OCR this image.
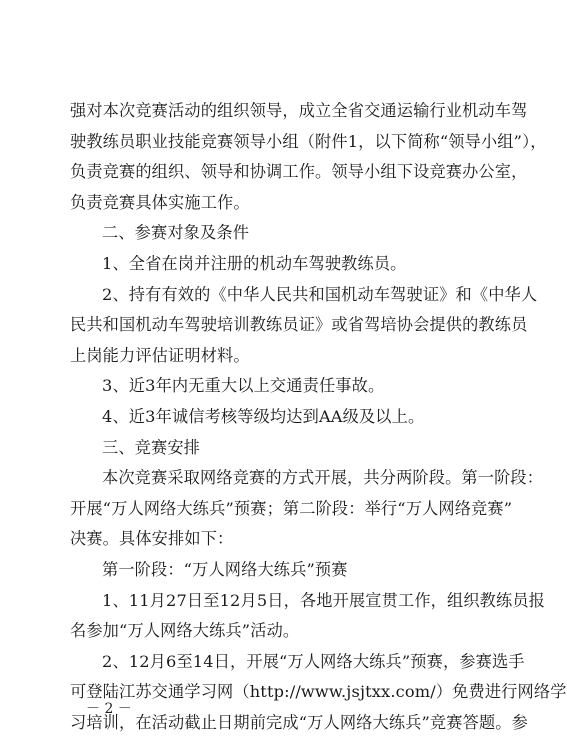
强对本次竞赛活动的组织领导，成立全省交通运输行业机动车驾
驶教练员职业技能竞赛领导小组（附件1，以下简称“领导小组”），
负责竞赛的组织、领导和协调工作。领导小组下设竞赛办公室，
负责竞赛具体实施工作。
二、参赛对象及条件
1、全省在岗并注册的机动车驾驶教练员。
2、持有有效的《中华人民共和国机动车驾驶证》和《中华人
民共和国机动车驾驶培训教练员证》或省驾培协会提供的教练员
上岗能力评估证明材料。
3、近3年内无重大以上交通责任事故。
4、近3年诚信考核等级均达到AA级及以上。
三、竞赛安排
本次竞赛采取网络竞赛的方式开展，共分两阶段。第一阶段：
开展“万人网络大练兵”预赛；第二阶段：举行“万人网络竞赛”
决赛。具体安排如下：
第一阶段：“万人网络大练兵”预赛
1、11月27日至12月5日，各地开展宣贯工作，组织教练员报
名参加“万人网络大练兵”活动。
2、12月6至14日，开展“万人网络大练兵”预赛，参赛选手
可登陆江苏交通学习网（http://www.jsjtxx.com/）免费进行网络学
习培训，在活动截止日期前完成“万人网络大练兵”竞赛答题。参
－ 2 －
